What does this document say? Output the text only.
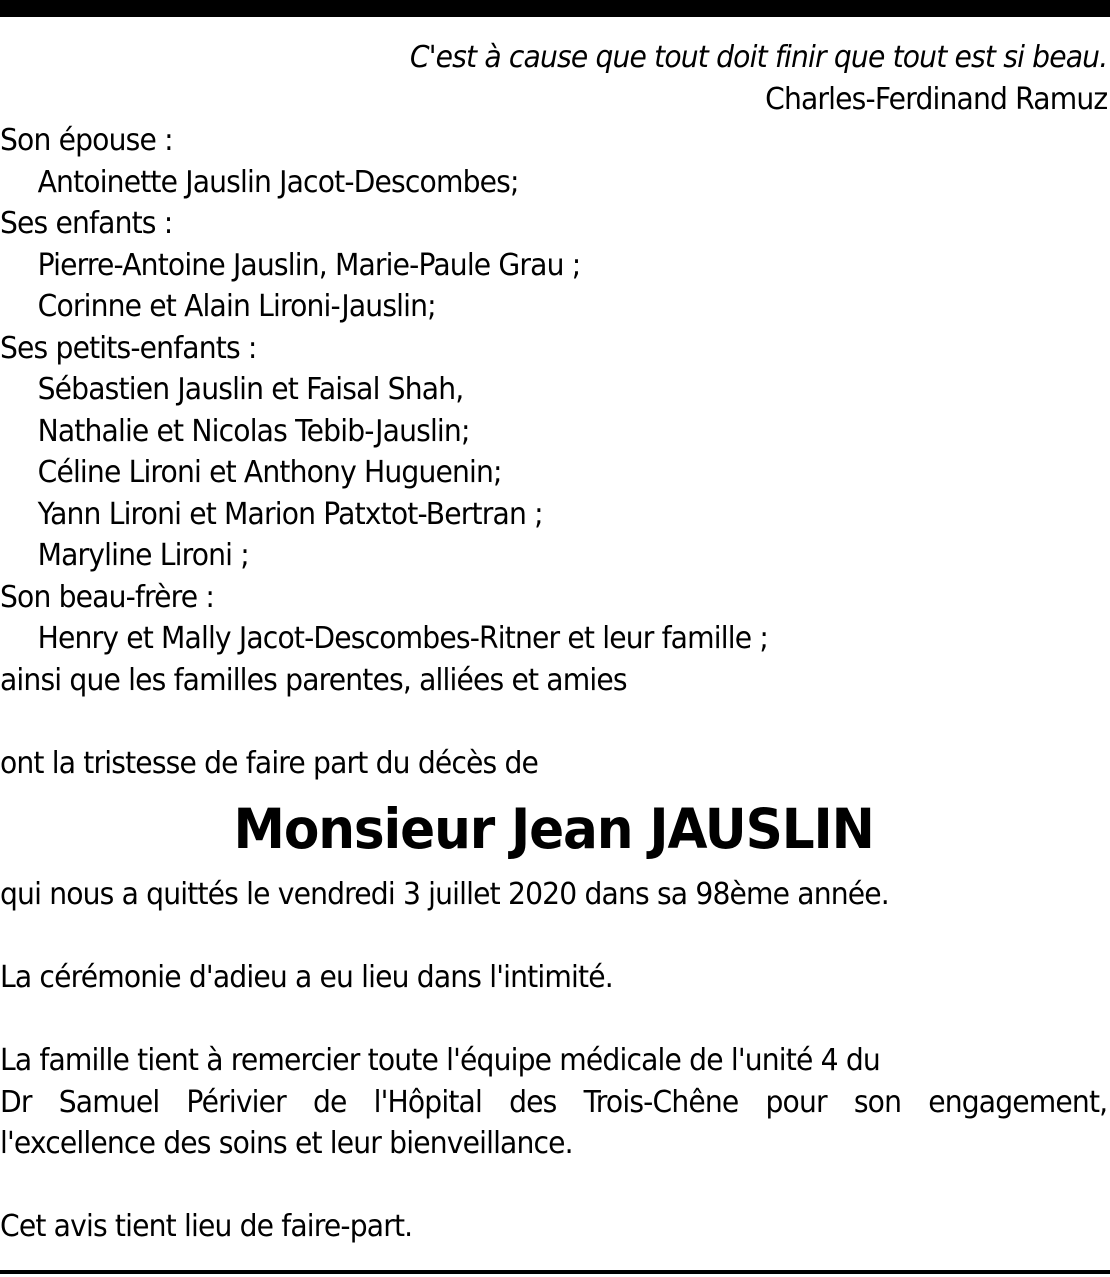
C'est à cause que tout doit finir que tout est si beau.
Charles-Ferdinand Ramuz
Son épouse :
Antoinette Jauslin Jacot-Descombes;
Ses enfants :
Pierre-Antoine Jauslin, Marie-Paule Grau ;
Corinne et Alain Lironi-Jauslin;
Ses petits-enfants :
Sébastien Jauslin et Faisal Shah,
Nathalie et Nicolas Tebib-Jauslin;
Céline Lironi et Anthony Huguenin;
Yann Lironi et Marion Patxtot-Bertran ;
Maryline Lironi ;
Son beau-frère :
Henry et Mally Jacot-Descombes-Ritner et leur famille ;
ainsi que les familles parentes, alliées et amies
ont la tristesse de faire part du décès de
Monsieur Jean JAUSLIN
qui nous a quittés le vendredi 3 juillet 2020 dans sa 98ème année.
La cérémonie d'adieu a eu lieu dans l'intimité.
La famille tient à remercier toute l'équipe médicale de l'unité 4 du
Dr Samuel Périvier de l'Hôpital des Trois-Chêne pour son engagement,
l'excellence des soins et leur bienveillance.
Cet avis tient lieu de faire-part.
